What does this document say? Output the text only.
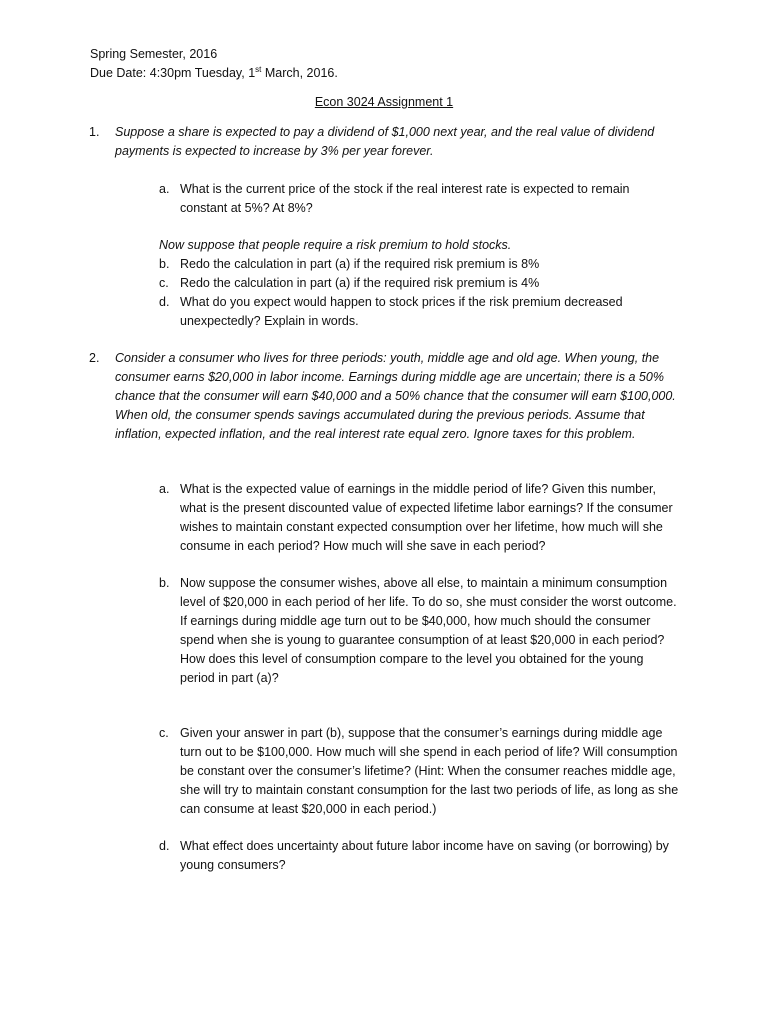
Spring Semester, 2016
Due Date: 4:30pm Tuesday, 1st March, 2016.
Econ 3024 Assignment 1
1. Suppose a share is expected to pay a dividend of $1,000 next year, and the real value of dividend payments is expected to increase by 3% per year forever.
a. What is the current price of the stock if the real interest rate is expected to remain constant at 5%? At 8%?
Now suppose that people require a risk premium to hold stocks.
b. Redo the calculation in part (a) if the required risk premium is 8%
c. Redo the calculation in part (a) if the required risk premium is 4%
d. What do you expect would happen to stock prices if the risk premium decreased unexpectedly? Explain in words.
2. Consider a consumer who lives for three periods: youth, middle age and old age. When young, the consumer earns $20,000 in labor income. Earnings during middle age are uncertain; there is a 50% chance that the consumer will earn $40,000 and a 50% chance that the consumer will earn $100,000. When old, the consumer spends savings accumulated during the previous periods. Assume that inflation, expected inflation, and the real interest rate equal zero. Ignore taxes for this problem.
a. What is the expected value of earnings in the middle period of life? Given this number, what is the present discounted value of expected lifetime labor earnings? If the consumer wishes to maintain constant expected consumption over her lifetime, how much will she consume in each period? How much will she save in each period?
b. Now suppose the consumer wishes, above all else, to maintain a minimum consumption level of $20,000 in each period of her life. To do so, she must consider the worst outcome. If earnings during middle age turn out to be $40,000, how much should the consumer spend when she is young to guarantee consumption of at least $20,000 in each period? How does this level of consumption compare to the level you obtained for the young period in part (a)?
c. Given your answer in part (b), suppose that the consumer’s earnings during middle age turn out to be $100,000. How much will she spend in each period of life? Will consumption be constant over the consumer’s lifetime? (Hint: When the consumer reaches middle age, she will try to maintain constant consumption for the last two periods of life, as long as she can consume at least $20,000 in each period.)
d. What effect does uncertainty about future labor income have on saving (or borrowing) by young consumers?
